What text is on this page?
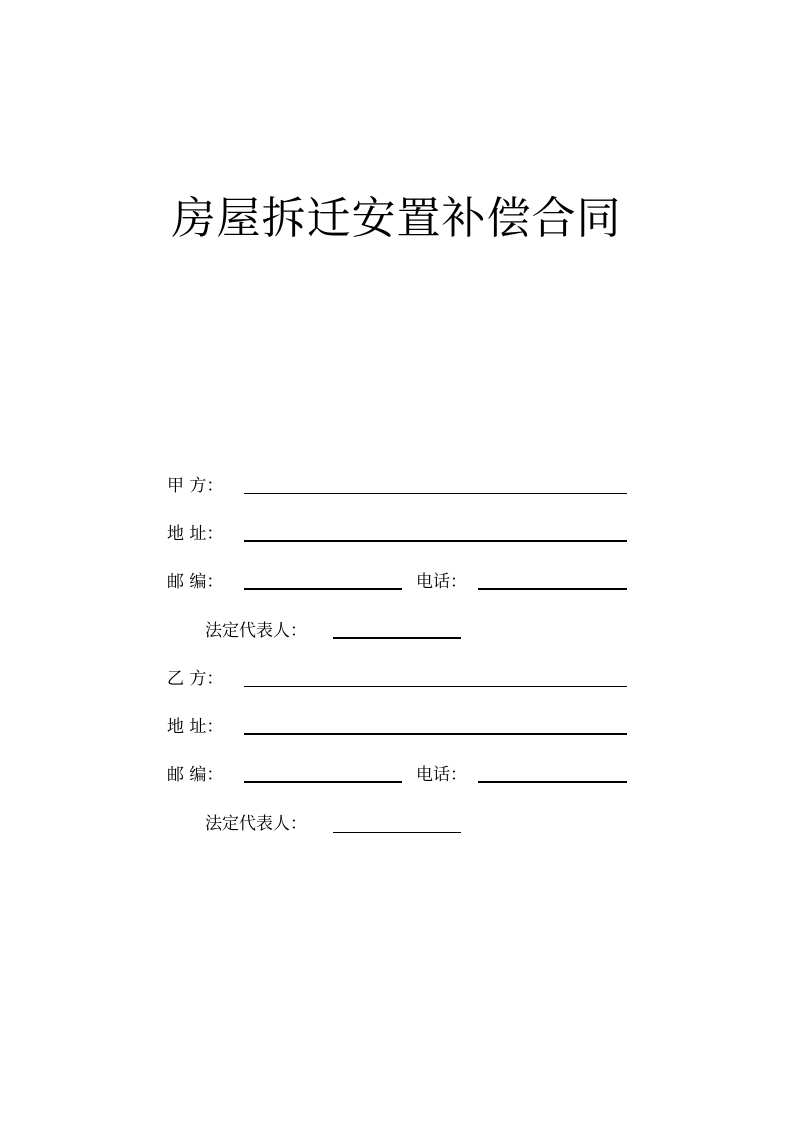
房屋拆迁安置补偿合同
甲 方：
地 址：
邮 编：	电话：
法定代表人：
乙 方：
地 址：
邮 编：	电话：
法定代表人：
